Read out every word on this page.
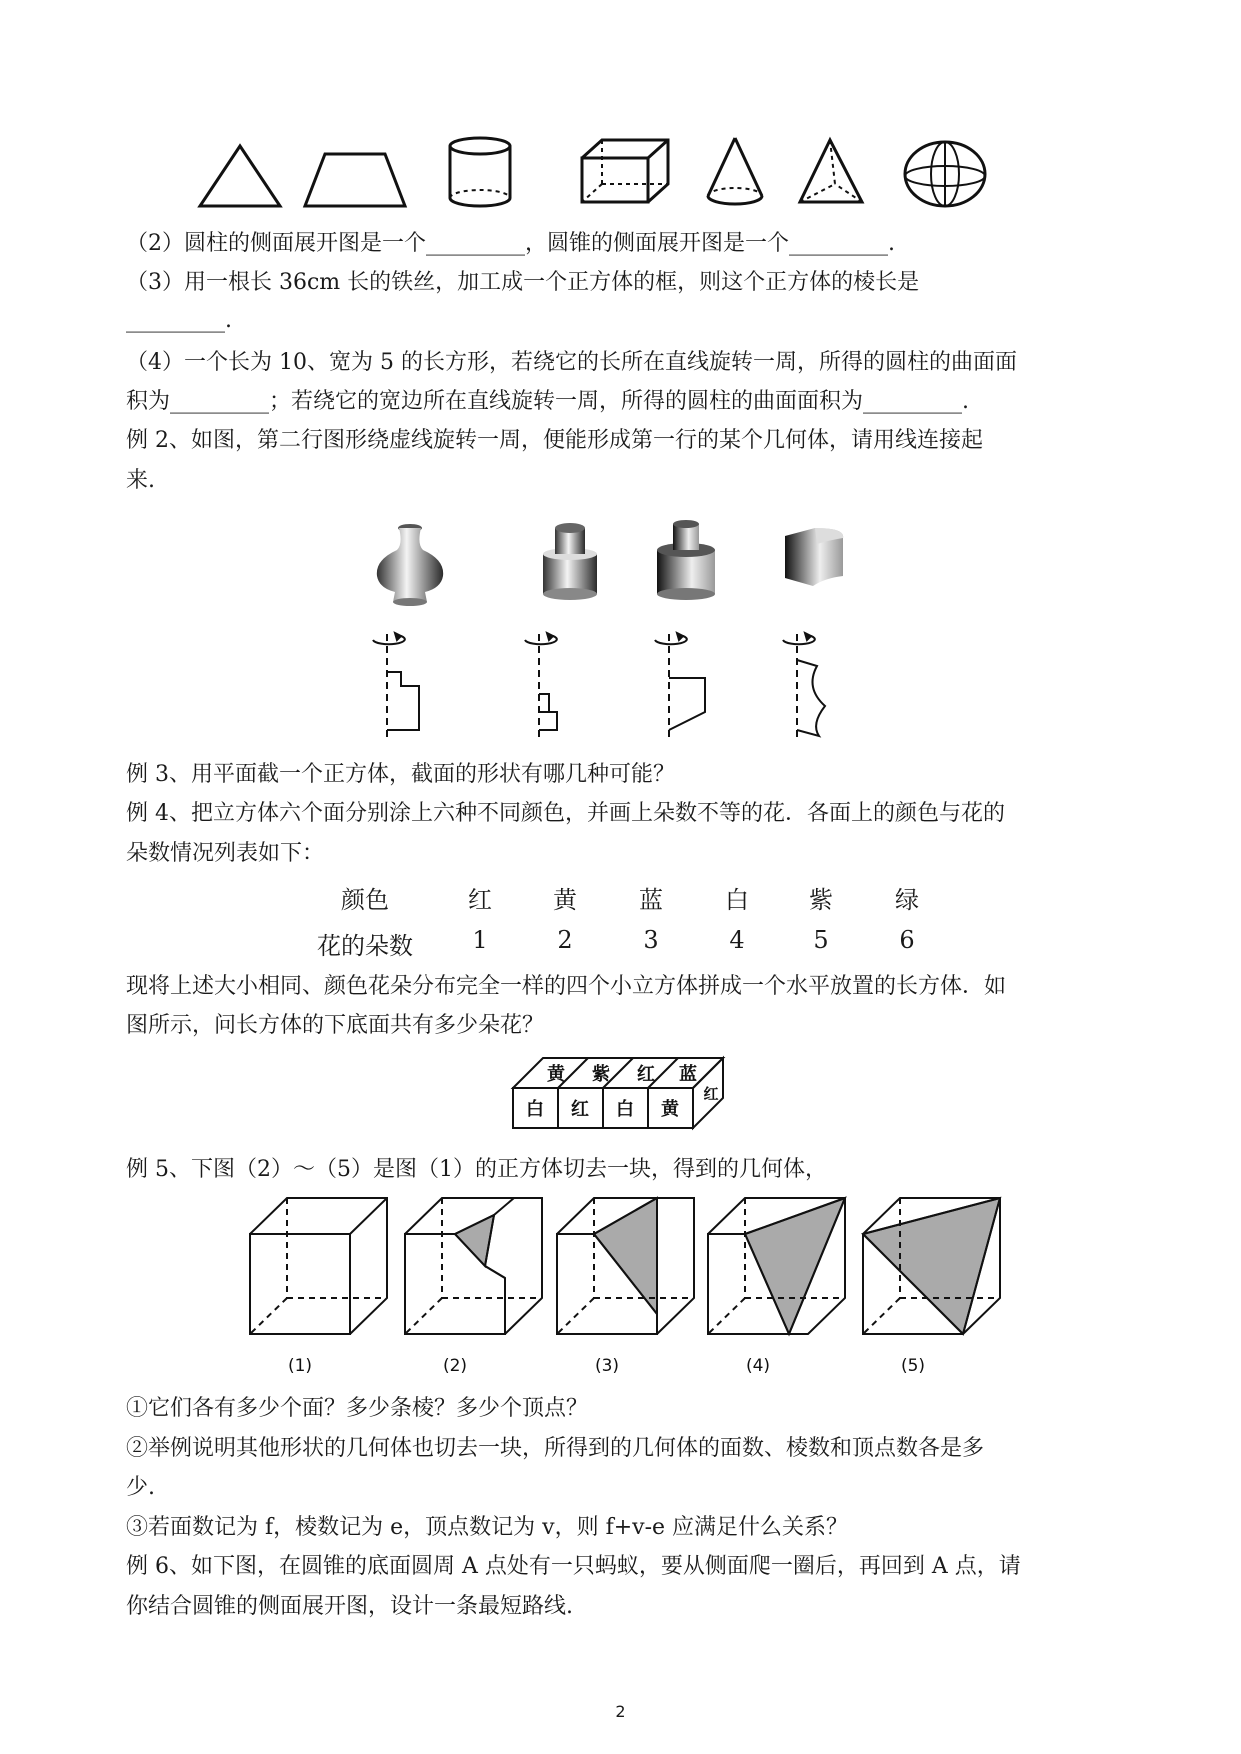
（2）圆柱的侧面展开图是一个_________，圆锥的侧面展开图是一个_________.
（3）用一根长 36cm 长的铁丝，加工成一个正方体的框，则这个正方体的棱长是
_________.
（4）一个长为 10、宽为 5 的长方形，若绕它的长所在直线旋转一周，所得的圆柱的曲面面
积为_________；若绕它的宽边所在直线旋转一周，所得的圆柱的曲面面积为_________.
例 2、如图，第二行图形绕虚线旋转一周，便能形成第一行的某个几何体，请用线连接起
来.
例 3、用平面截一个正方体，截面的形状有哪几种可能？
例 4、把立方体六个面分别涂上六种不同颜色，并画上朵数不等的花．各面上的颜色与花的
朵数情况列表如下：
颜色	红	黄	蓝	白	紫	绿
花的朵数 1	2	3	4	5	6
现将上述大小相同、颜色花朵分布完全一样的四个小立方体拼成一个水平放置的长方体．如
图所示，问长方体的下底面共有多少朵花？
黄 紫 红 蓝
红
白 红 白 黄
例 5、下图（2）～（5）是图（1）的正方体切去一块，得到的几何体，
(1)	(2)	(3)	(4)	(5)
①它们各有多少个面？多少条棱？多少个顶点？
②举例说明其他形状的几何体也切去一块，所得到的几何体的面数、棱数和顶点数各是多
少.
③若面数记为 f，棱数记为 e，顶点数记为 v，则 f+v-e 应满足什么关系？
例 6、如下图，在圆锥的底面圆周 A 点处有一只蚂蚁，要从侧面爬一圈后，再回到 A 点，请
你结合圆锥的侧面展开图，设计一条最短路线.
2
